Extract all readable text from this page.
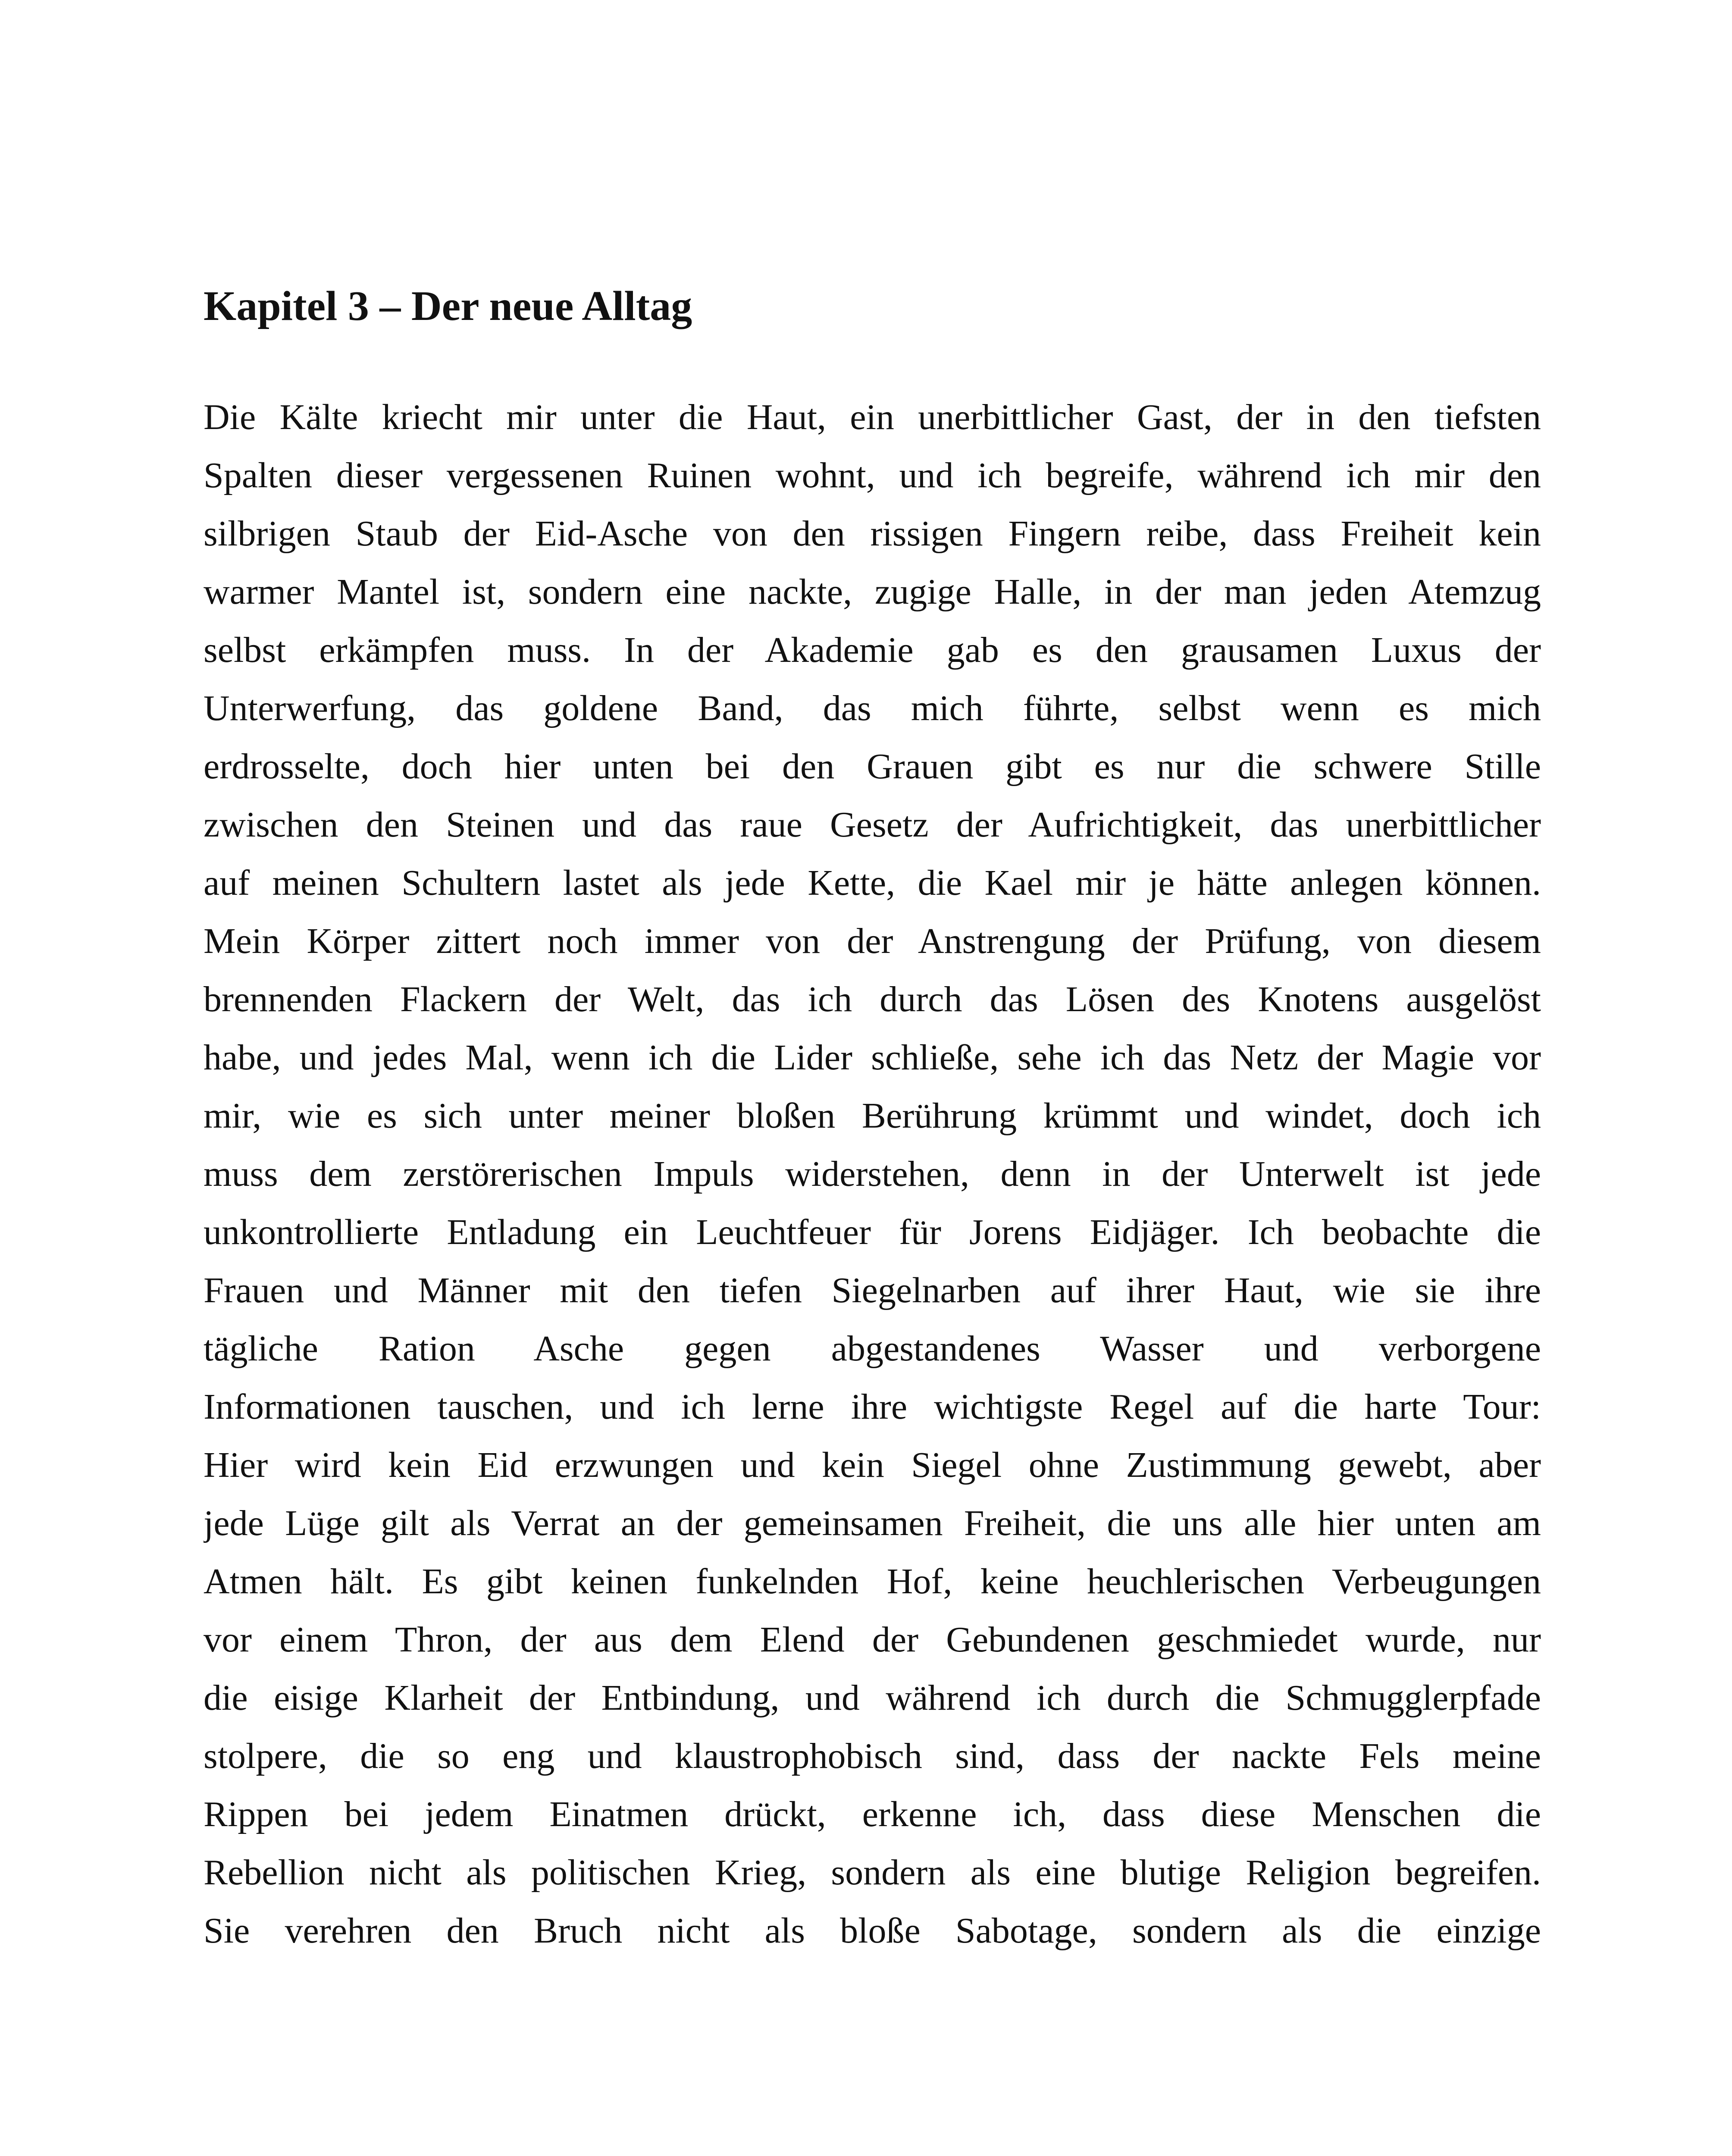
Kapitel 3 – Der neue Alltag

Die Kälte kriecht mir unter die Haut, ein unerbittlicher Gast, der in den tiefsten
Spalten dieser vergessenen Ruinen wohnt, und ich begreife, während ich mir den
silbrigen Staub der Eid-Asche von den rissigen Fingern reibe, dass Freiheit kein
warmer Mantel ist, sondern eine nackte, zugige Halle, in der man jeden Atemzug
selbst erkämpfen muss. In der Akademie gab es den grausamen Luxus der
Unterwerfung, das goldene Band, das mich führte, selbst wenn es mich
erdrosselte, doch hier unten bei den Grauen gibt es nur die schwere Stille
zwischen den Steinen und das raue Gesetz der Aufrichtigkeit, das unerbittlicher
auf meinen Schultern lastet als jede Kette, die Kael mir je hätte anlegen können.
Mein Körper zittert noch immer von der Anstrengung der Prüfung, von diesem
brennenden Flackern der Welt, das ich durch das Lösen des Knotens ausgelöst
habe, und jedes Mal, wenn ich die Lider schließe, sehe ich das Netz der Magie vor
mir, wie es sich unter meiner bloßen Berührung krümmt und windet, doch ich
muss dem zerstörerischen Impuls widerstehen, denn in der Unterwelt ist jede
unkontrollierte Entladung ein Leuchtfeuer für Jorens Eidjäger. Ich beobachte die
Frauen und Männer mit den tiefen Siegelnarben auf ihrer Haut, wie sie ihre
tägliche Ration Asche gegen abgestandenes Wasser und verborgene
Informationen tauschen, und ich lerne ihre wichtigste Regel auf die harte Tour:
Hier wird kein Eid erzwungen und kein Siegel ohne Zustimmung gewebt, aber
jede Lüge gilt als Verrat an der gemeinsamen Freiheit, die uns alle hier unten am
Atmen hält. Es gibt keinen funkelnden Hof, keine heuchlerischen Verbeugungen
vor einem Thron, der aus dem Elend der Gebundenen geschmiedet wurde, nur
die eisige Klarheit der Entbindung, und während ich durch die Schmugglerpfade
stolpere, die so eng und klaustrophobisch sind, dass der nackte Fels meine
Rippen bei jedem Einatmen drückt, erkenne ich, dass diese Menschen die
Rebellion nicht als politischen Krieg, sondern als eine blutige Religion begreifen.
Sie verehren den Bruch nicht als bloße Sabotage, sondern als die einzige
